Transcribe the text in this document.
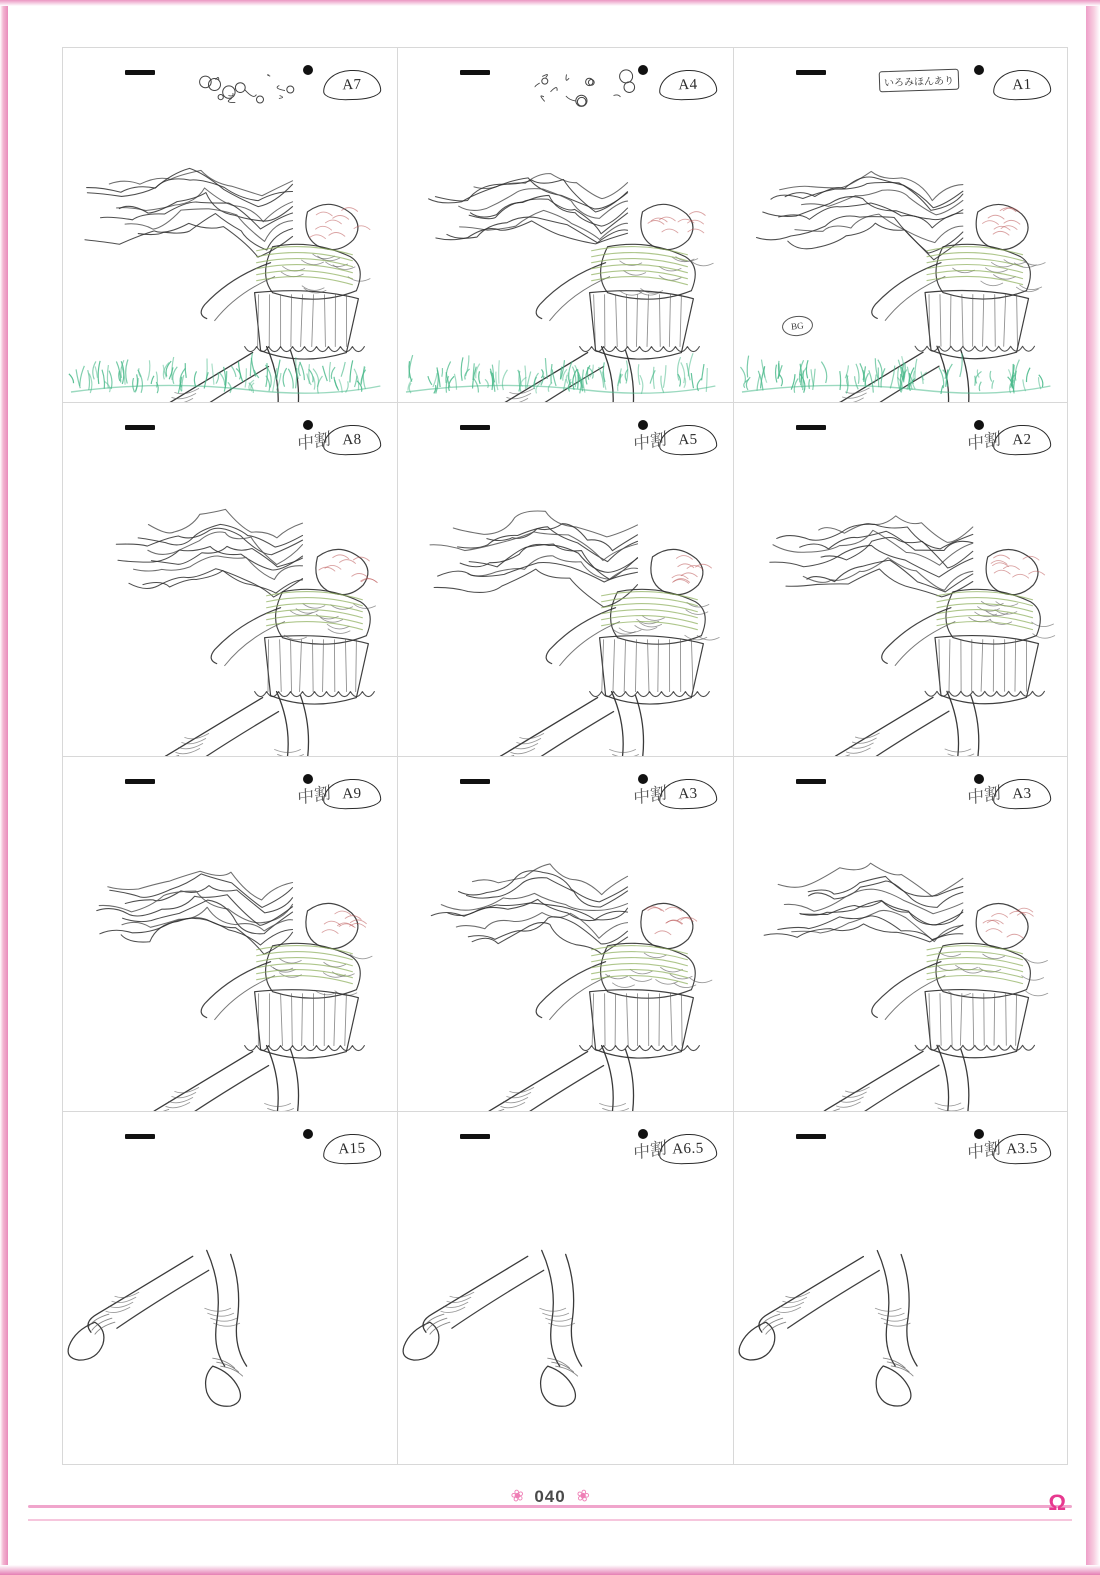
A7	A4	A1
いろみほんあり
BG
中割 A8	中割 A5	中割 A2
中割 A9	中割 A3	中割 A3
A15	中割 A6.5	中割 A3.5
❀ 040 ❀	Ω
